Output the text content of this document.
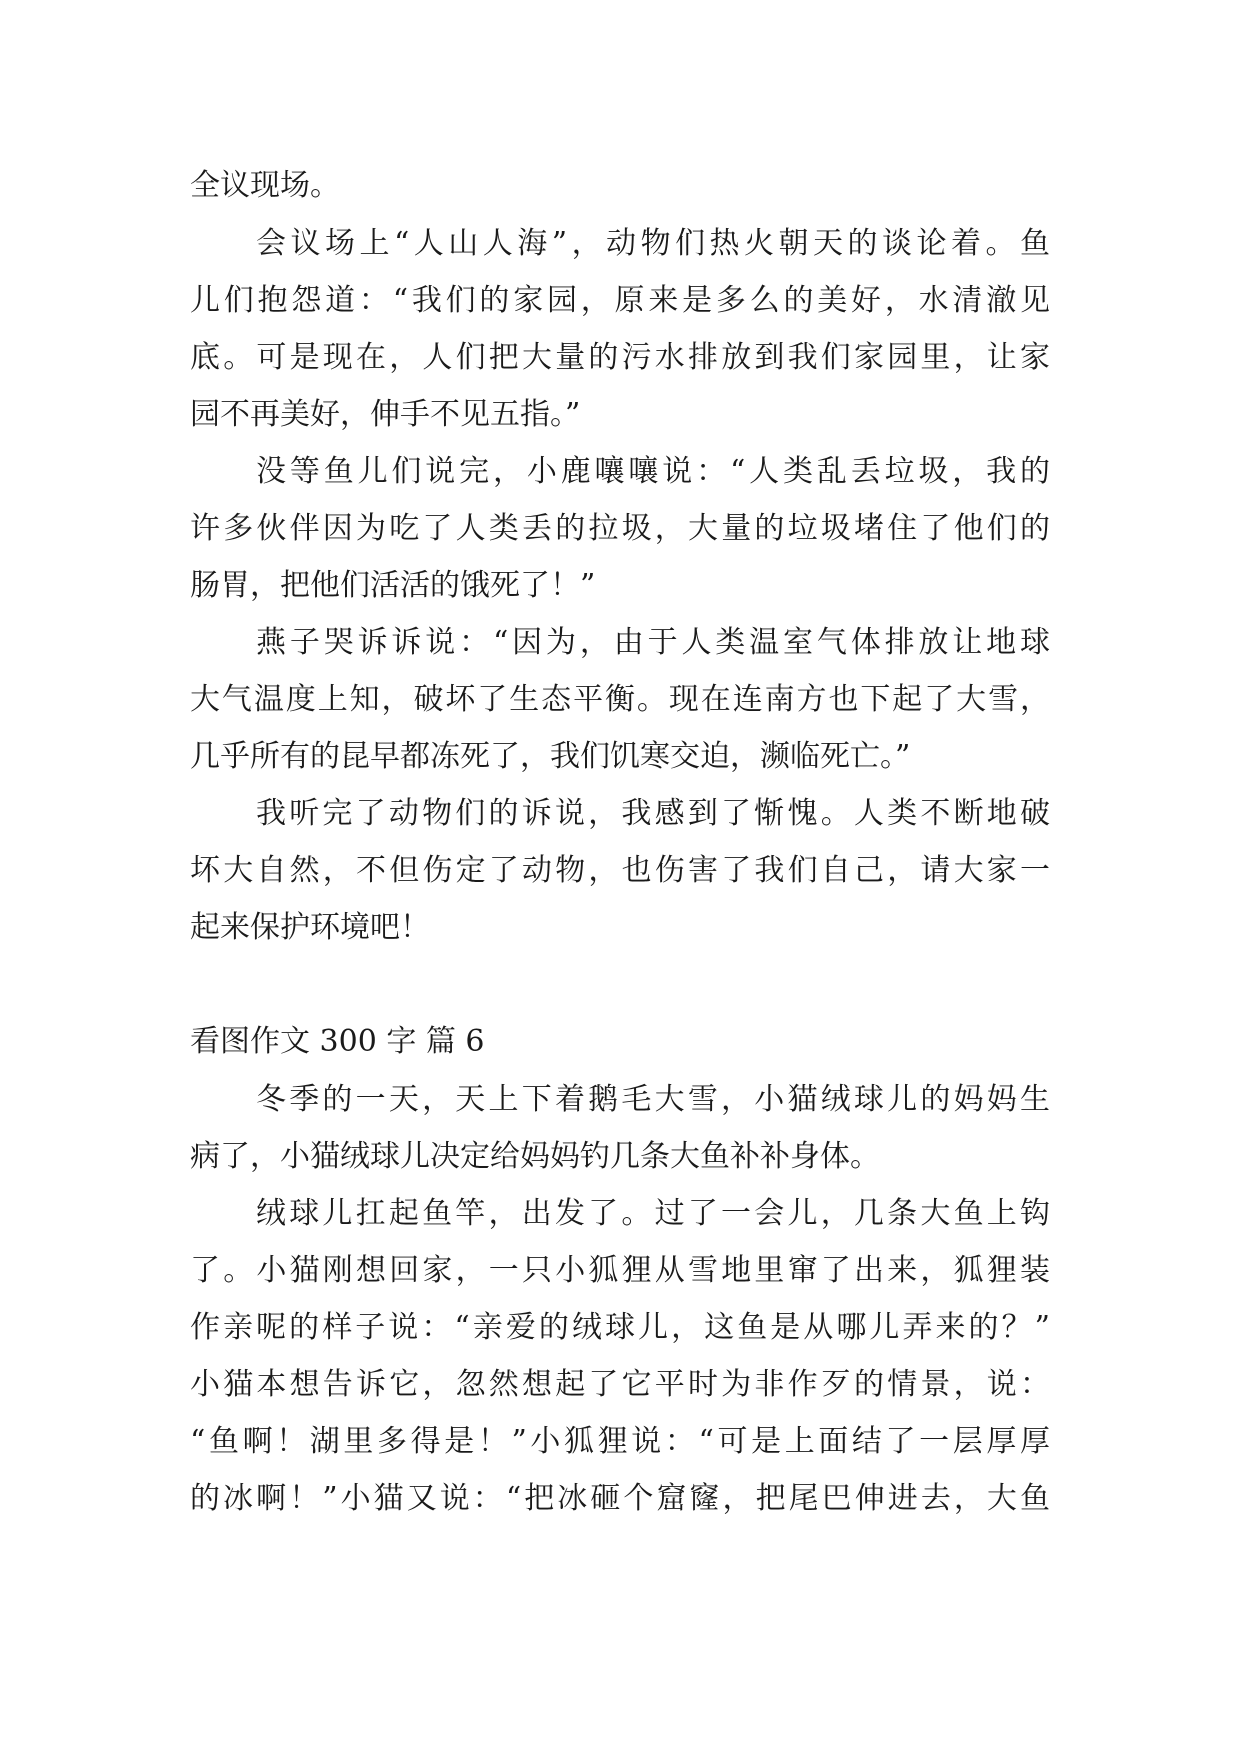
全议现场。
会议场上“人山人海”，动物们热火朝天的谈论着。鱼
儿们抱怨道：“我们的家园，原来是多么的美好，水清澈见
底。可是现在，人们把大量的污水排放到我们家园里，让家
园不再美好，伸手不见五指。”
没等鱼儿们说完，小鹿嚷嚷说：“人类乱丢垃圾，我的
许多伙伴因为吃了人类丢的拉圾，大量的垃圾堵住了他们的
肠胃，把他们活活的饿死了！”
燕子哭诉诉说：“因为，由于人类温室气体排放让地球
大气温度上知，破坏了生态平衡。现在连南方也下起了大雪，
几乎所有的昆早都冻死了，我们饥寒交迫，濒临死亡。”
我听完了动物们的诉说，我感到了惭愧。人类不断地破
坏大自然，不但伤定了动物，也伤害了我们自己，请大家一
起来保护环境吧！
看图作文 300 字 篇 6
冬季的一天，天上下着鹅毛大雪，小猫绒球儿的妈妈生
病了，小猫绒球儿决定给妈妈钓几条大鱼补补身体。
绒球儿扛起鱼竿，出发了。过了一会儿，几条大鱼上钩
了。小猫刚想回家，一只小狐狸从雪地里窜了出来，狐狸装
作亲呢的样子说：“亲爱的绒球儿，这鱼是从哪儿弄来的？”
小猫本想告诉它，忽然想起了它平时为非作歹的情景，说：
“鱼啊！湖里多得是！”小狐狸说：“可是上面结了一层厚厚
的冰啊！”小猫又说：“把冰砸个窟窿，把尾巴伸进去，大鱼
